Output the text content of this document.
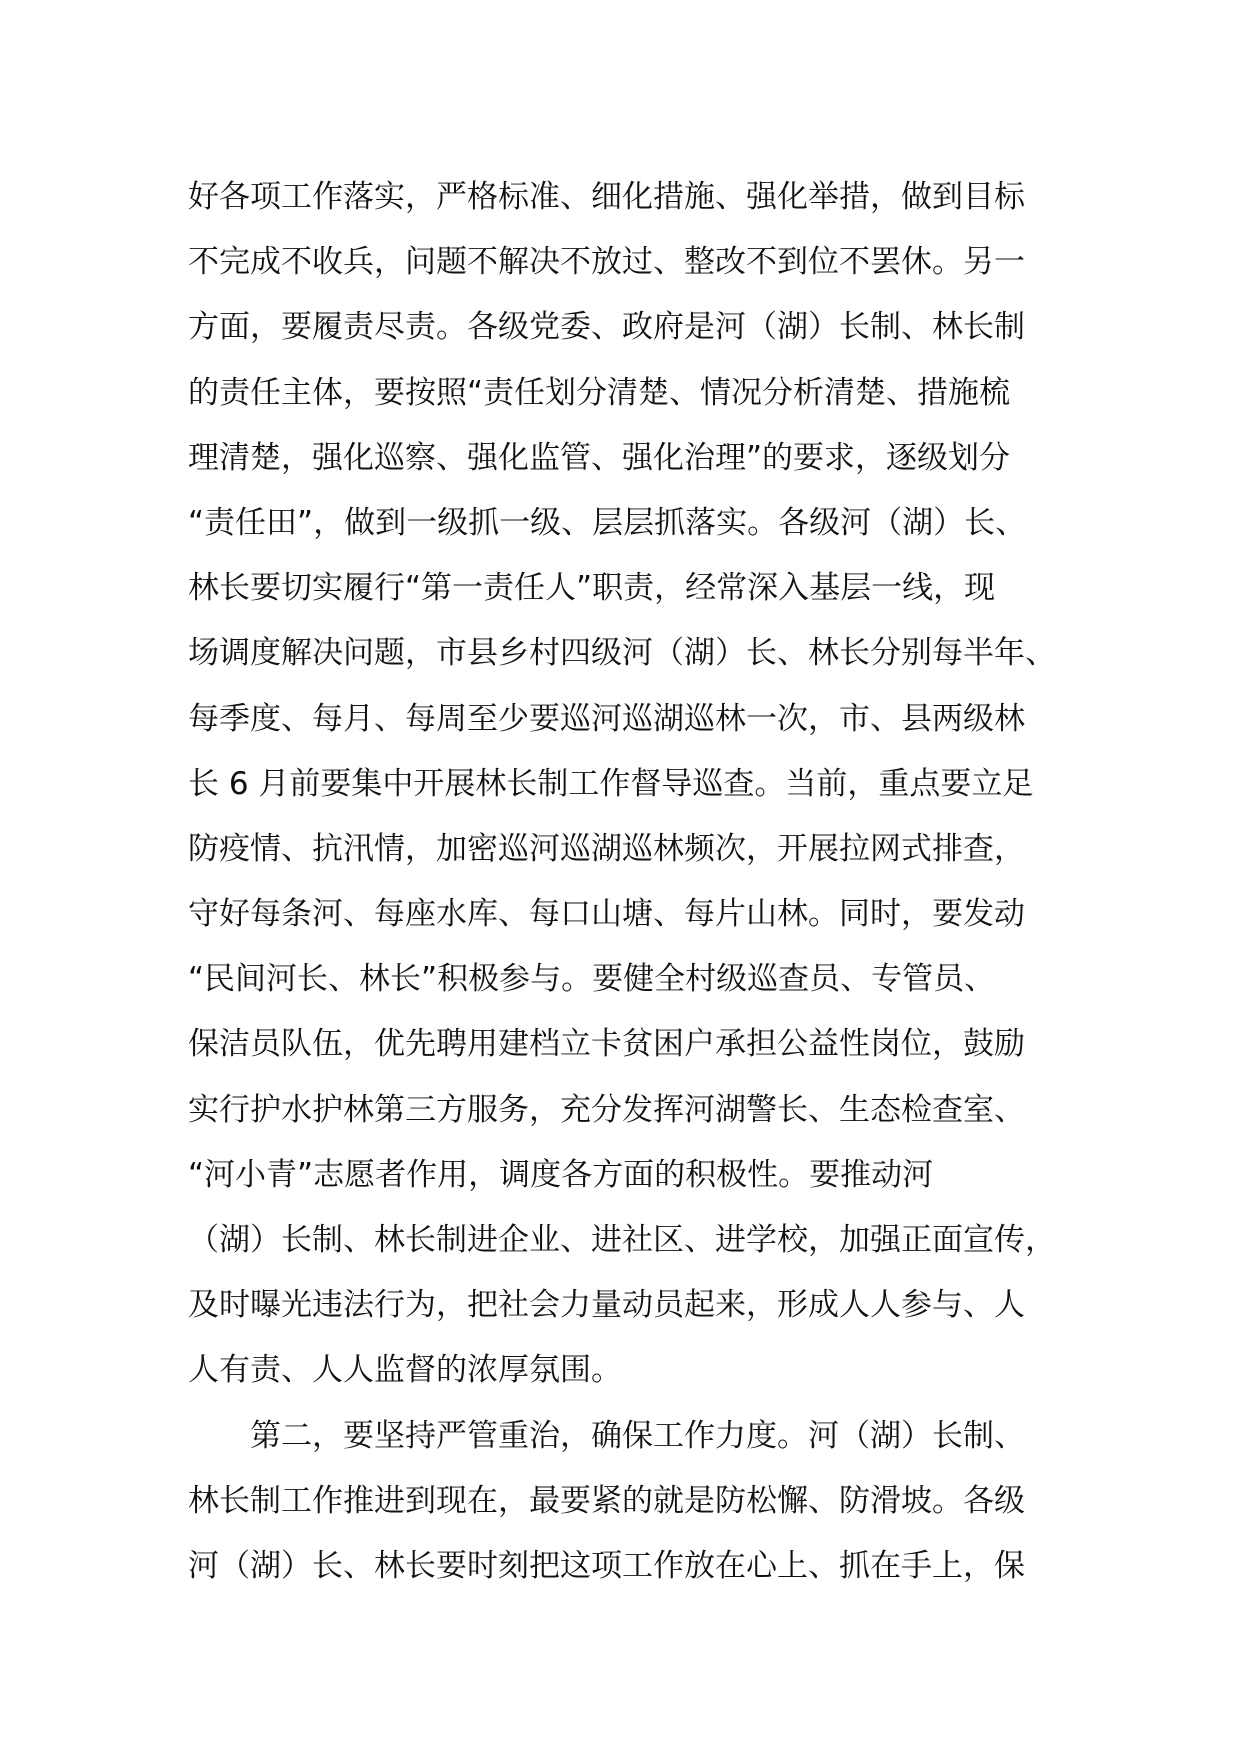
好各项工作落实，严格标准、细化措施、强化举措，做到目标
不完成不收兵，问题不解决不放过、整改不到位不罢休。另一
方面，要履责尽责。各级党委、政府是河（湖）长制、林长制
的责任主体，要按照“责任划分清楚、情况分析清楚、措施梳
理清楚，强化巡察、强化监管、强化治理”的要求，逐级划分
“责任田”，做到一级抓一级、层层抓落实。各级河（湖）长、
林长要切实履行“第一责任人”职责，经常深入基层一线，现
场调度解决问题，市县乡村四级河（湖）长、林长分别每半年、
每季度、每月、每周至少要巡河巡湖巡林一次，市、县两级林
长 6 月前要集中开展林长制工作督导巡查。当前，重点要立足
防疫情、抗汛情，加密巡河巡湖巡林频次，开展拉网式排查，
守好每条河、每座水库、每口山塘、每片山林。同时，要发动
“民间河长、林长”积极参与。要健全村级巡查员、专管员、
保洁员队伍，优先聘用建档立卡贫困户承担公益性岗位，鼓励
实行护水护林第三方服务，充分发挥河湖警长、生态检查室、
“河小青”志愿者作用，调度各方面的积极性。要推动河
（湖）长制、林长制进企业、进社区、进学校，加强正面宣传，
及时曝光违法行为，把社会力量动员起来，形成人人参与、人
人有责、人人监督的浓厚氛围。
第二，要坚持严管重治，确保工作力度。河（湖）长制、
林长制工作推进到现在，最要紧的就是防松懈、防滑坡。各级
河（湖）长、林长要时刻把这项工作放在心上、抓在手上，保
